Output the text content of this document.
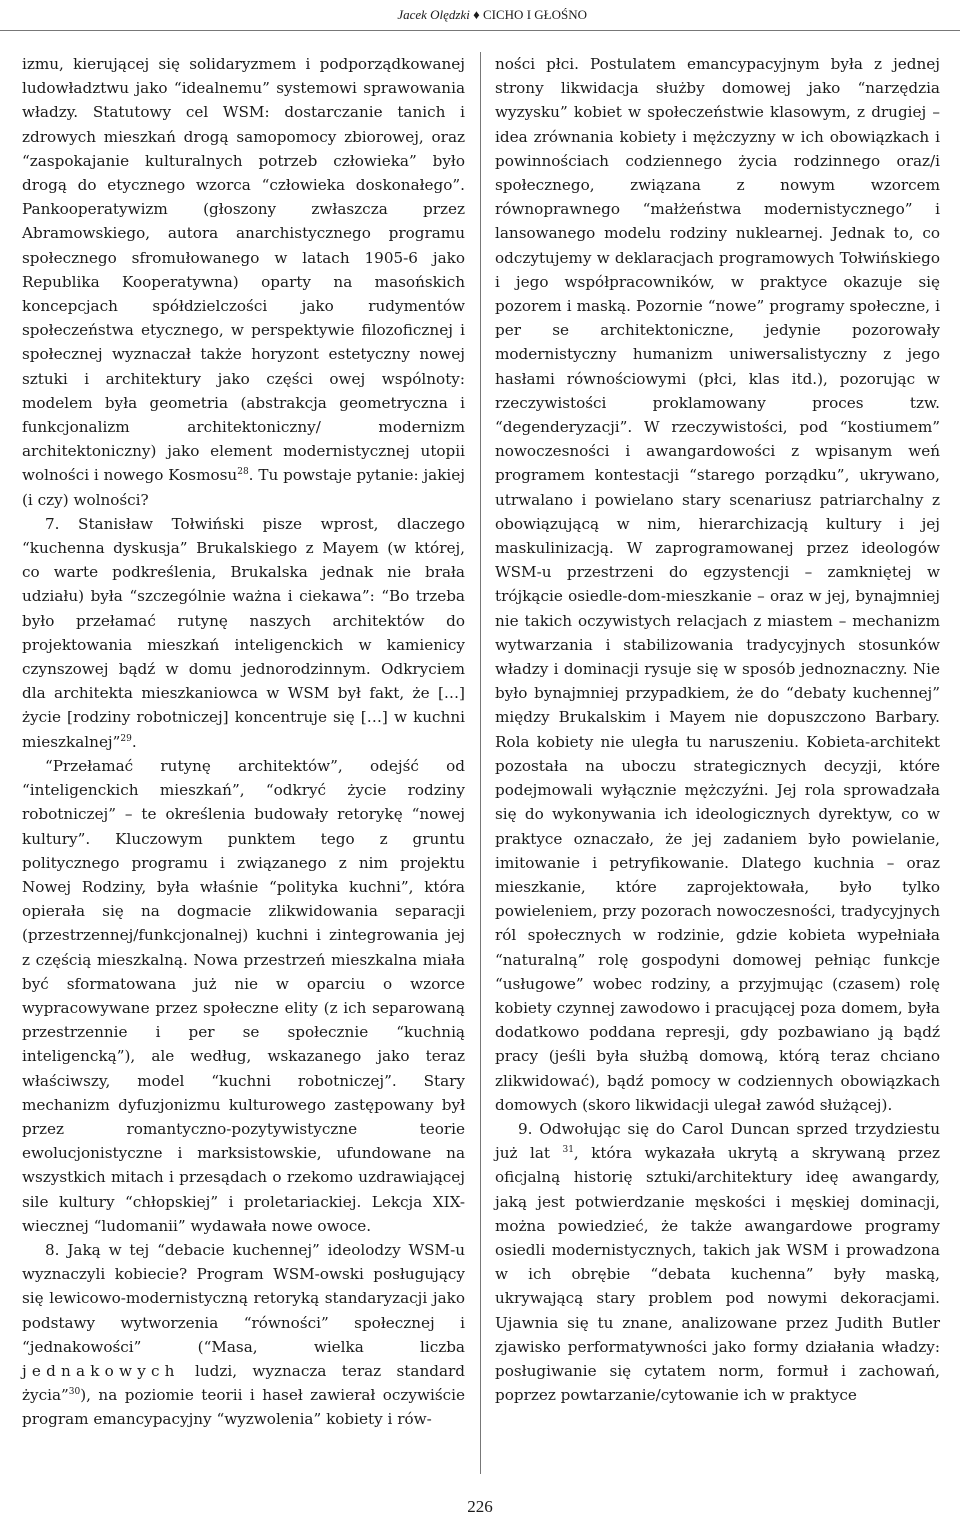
Jacek Olędzki ♦ CICHO I GŁOŚNO

izmu, kierującej się solidaryzmem i podporządkowanej ludowładztwu jako “idealnemu” systemowi sprawowania władzy. Statutowy cel WSM: dostarczanie tanich i zdrowych mieszkań drogą samopomocy zbiorowej, oraz “zaspokajanie kulturalnych potrzeb człowieka” było drogą do etycznego wzorca “człowieka doskonałego”. Pankooperatywizm (głoszony zwłaszcza przez Abramowskiego, autora anarchistycznego programu społecznego sfromułowanego w latach 1905-6 jako Republika Kooperatywna) oparty na masońskich koncepcjach spółdzielczości jako rudymentów społeczeństwa etycznego, w perspektywie filozoficznej i społecznej wyznaczał także horyzont estetyczny nowej sztuki i architektury jako części owej wspólnoty: modelem była geometria (abstrakcja geometryczna i funkcjonalizm architektoniczny/ modernizm architektoniczny) jako element modernistycznej utopii wolności i nowego Kosmosu$^{28}$. Tu powstaje pytanie: jakiej (i czy) wolności?

7. Stanisław Tołwiński pisze wprost, dlaczego “kuchenna dyskusja” Brukalskiego z Mayem (w której, co warte podkreślenia, Brukalska jednak nie brała udziału) była “szczególnie ważna i ciekawa”: “Bo trzeba było przełamać rutynę naszych architektów do projektowania mieszkań inteligenckich w kamienicy czynszowej bądź w domu jednorodzinnym. Odkryciem dla architekta mieszkaniowca w WSM był fakt, że […] życie [rodziny robotniczej] koncentruje się […] w kuchni mieszkalnej”$^{29}$.

“Przełamać rutynę architektów”, odejść od “inteligenckich mieszkań”, “odkryć życie rodziny robotniczej” – te określenia budowały retorykę “nowej kultury”. Kluczowym punktem tego z gruntu politycznego programu i związanego z nim projektu Nowej Rodziny, była właśnie “polityka kuchni”, która opierała się na dogmacie zlikwidowania separacji (przestrzennej/funkcjonalnej) kuchni i zintegrowania jej z częścią mieszkalną. Nowa przestrzeń mieszkalna miała być sformatowana już nie w oparciu o wzorce wypracowywane przez społeczne elity (z ich separowaną przestrzennie i per se społecznie “kuchnią inteligencką”), ale według, wskazanego jako teraz właściwszy, model “kuchni robotniczej”. Stary mechanizm dyfuzjonizmu kulturowego zastępowany był przez romantyczno-pozytywistyczne teorie ewolucjonistyczne i marksistowskie, ufundowane na wszystkich mitach i przesądach o rzekomo uzdrawiającej sile kultury “chłopskiej” i proletariackiej. Lekcja XIX-wiecznej “ludomanii” wydawała nowe owoce.

8. Jaką w tej “debacie kuchennej” ideolodzy WSM-u wyznaczyli kobiecie? Program WSM-owski posługujący się lewicowo-modernistyczną retoryką standaryzacji jako podstawy wytworzenia “równości” społecznej i “jednakowości” (“Masa, wielka liczba jednakowych ludzi, wyznacza teraz standard życia”$^{30}$), na poziomie teorii i haseł zawierał oczywiście program emancypacyjny “wyzwolenia” kobiety i rów-

ności płci. Postulatem emancypacyjnym była z jednej strony likwidacja służby domowej jako “narzędzia wyzysku” kobiet w społeczeństwie klasowym, z drugiej – idea zrównania kobiety i mężczyzny w ich obowiązkach i powinnościach codziennego życia rodzinnego oraz/i społecznego, związana z nowym wzorcem równoprawnego “małżeństwa modernistycznego” i lansowanego modelu rodziny nuklearnej. Jednak to, co odczytujemy w deklaracjach programowych Tołwińskiego i jego współpracowników, w praktyce okazuje się pozorem i maską. Pozornie “nowe” programy społeczne, i per se architektoniczne, jedynie pozorowały modernistyczny humanizm uniwersalistyczny z jego hasłami równościowymi (płci, klas itd.), pozorując w rzeczywistości proklamowany proces tzw. “degenderyzacji”. W rzeczywistości, pod “kostiumem” nowoczesności i awangardowości z wpisanym weń programem kontestacji “starego porządku”, ukrywano, utrwalano i powielano stary scenariusz patriarchalny z obowiązującą w nim, hierarchizacją kultury i jej maskulinizacją. W zaprogramowanej przez ideologów WSM-u przestrzeni do egzystencji – zamkniętej w trójkącie osiedle-dom-mieszkanie – oraz w jej, bynajmniej nie takich oczywistych relacjach z miastem – mechanizm wytwarzania i stabilizowania tradycyjnych stosunków władzy i dominacji rysuje się w sposób jednoznaczny. Nie było bynajmniej przypadkiem, że do “debaty kuchennej” między Brukalskim i Mayem nie dopuszczono Barbary. Rola kobiety nie uległa tu naruszeniu. Kobieta-architekt pozostała na uboczu strategicznych decyzji, które podejmowali wyłącznie mężczyźni. Jej rola sprowadzała się do wykonywania ich ideologicznych dyrektyw, co w praktyce oznaczało, że jej zadaniem było powielanie, imitowanie i petryfikowanie. Dlatego kuchnia – oraz mieszkanie, które zaprojektowała, było tylko powieleniem, przy pozorach nowoczesności, tradycyjnych ról społecznych w rodzinie, gdzie kobieta wypełniała “naturalną” rolę gospodyni domowej pełniąc funkcje “usługowe” wobec rodziny, a przyjmując (czasem) rolę kobiety czynnej zawodowo i pracującej poza domem, była dodatkowo poddana represji, gdy pozbawiano ją bądź pracy (jeśli była służbą domową, którą teraz chciano zlikwidować), bądź pomocy w codziennych obowiązkach domowych (skoro likwidacji ulegał zawód służącej).

9. Odwołując się do Carol Duncan sprzed trzydziestu już lat $^{31}$, która wykazała ukrytą a skrywaną przez oficjalną historię sztuki/architektury ideę awangardy, jaką jest potwierdzanie męskości i męskiej dominacji, można powiedzieć, że także awangardowe programy osiedli modernistycznych, takich jak WSM i prowadzona w ich obrębie “debata kuchenna” były maską, ukrywającą stary problem pod nowymi dekoracjami. Ujawnia się tu znane, analizowane przez Judith Butler zjawisko performatywności jako formy działania władzy: posługiwanie się cytatem norm, formuł i zachowań, poprzez powtarzanie/cytowanie ich w praktyce

226
